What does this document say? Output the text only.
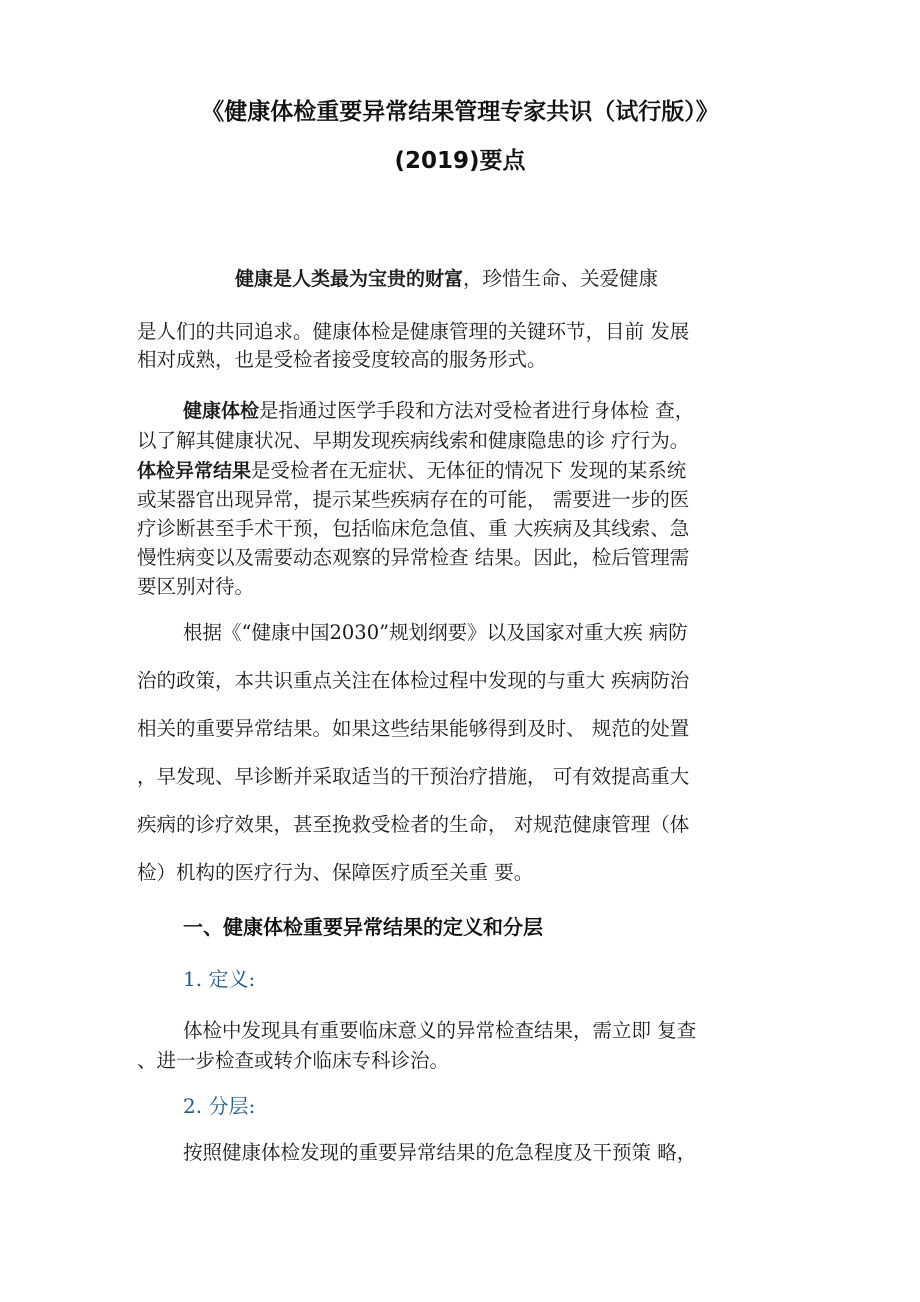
《健康体检重要异常结果管理专家共识（试行版）》
(2019)要点
健康是人类最为宝贵的财富，珍惜生命、关爱健康
是人们的共同追求。健康体检是健康管理的关键环节，目前 发展
相对成熟，也是受检者接受度较高的服务形式。
健康体检是指通过医学手段和方法对受检者进行身体检 查，
以了解其健康状况、早期发现疾病线索和健康隐患的诊 疗行为。
体检异常结果是受检者在无症状、无体征的情况下 发现的某系统
或某器官出现异常，提示某些疾病存在的可能， 需要进一步的医
疗诊断甚至手术干预，包括临床危急值、重 大疾病及其线索、急
慢性病变以及需要动态观察的异常检查 结果。因此，检后管理需
要区别对待。
根据《“健康中国2030”规划纲要》以及国家对重大疾 病防
治的政策，本共识重点关注在体检过程中发现的与重大 疾病防治
相关的重要异常结果。如果这些结果能够得到及时、 规范的处置
，早发现、早诊断并采取适当的干预治疗措施， 可有效提高重大
疾病的诊疗效果，甚至挽救受检者的生命， 对规范健康管理（体
检）机构的医疗行为、保障医疗质至关重 要。
一、健康体检重要异常结果的定义和分层
1. 定义:
体检中发现具有重要临床意义的异常检查结果，需立即 复查
、进一步检查或转介临床专科诊治。
2. 分层:
按照健康体检发现的重要异常结果的危急程度及干预策 略，
